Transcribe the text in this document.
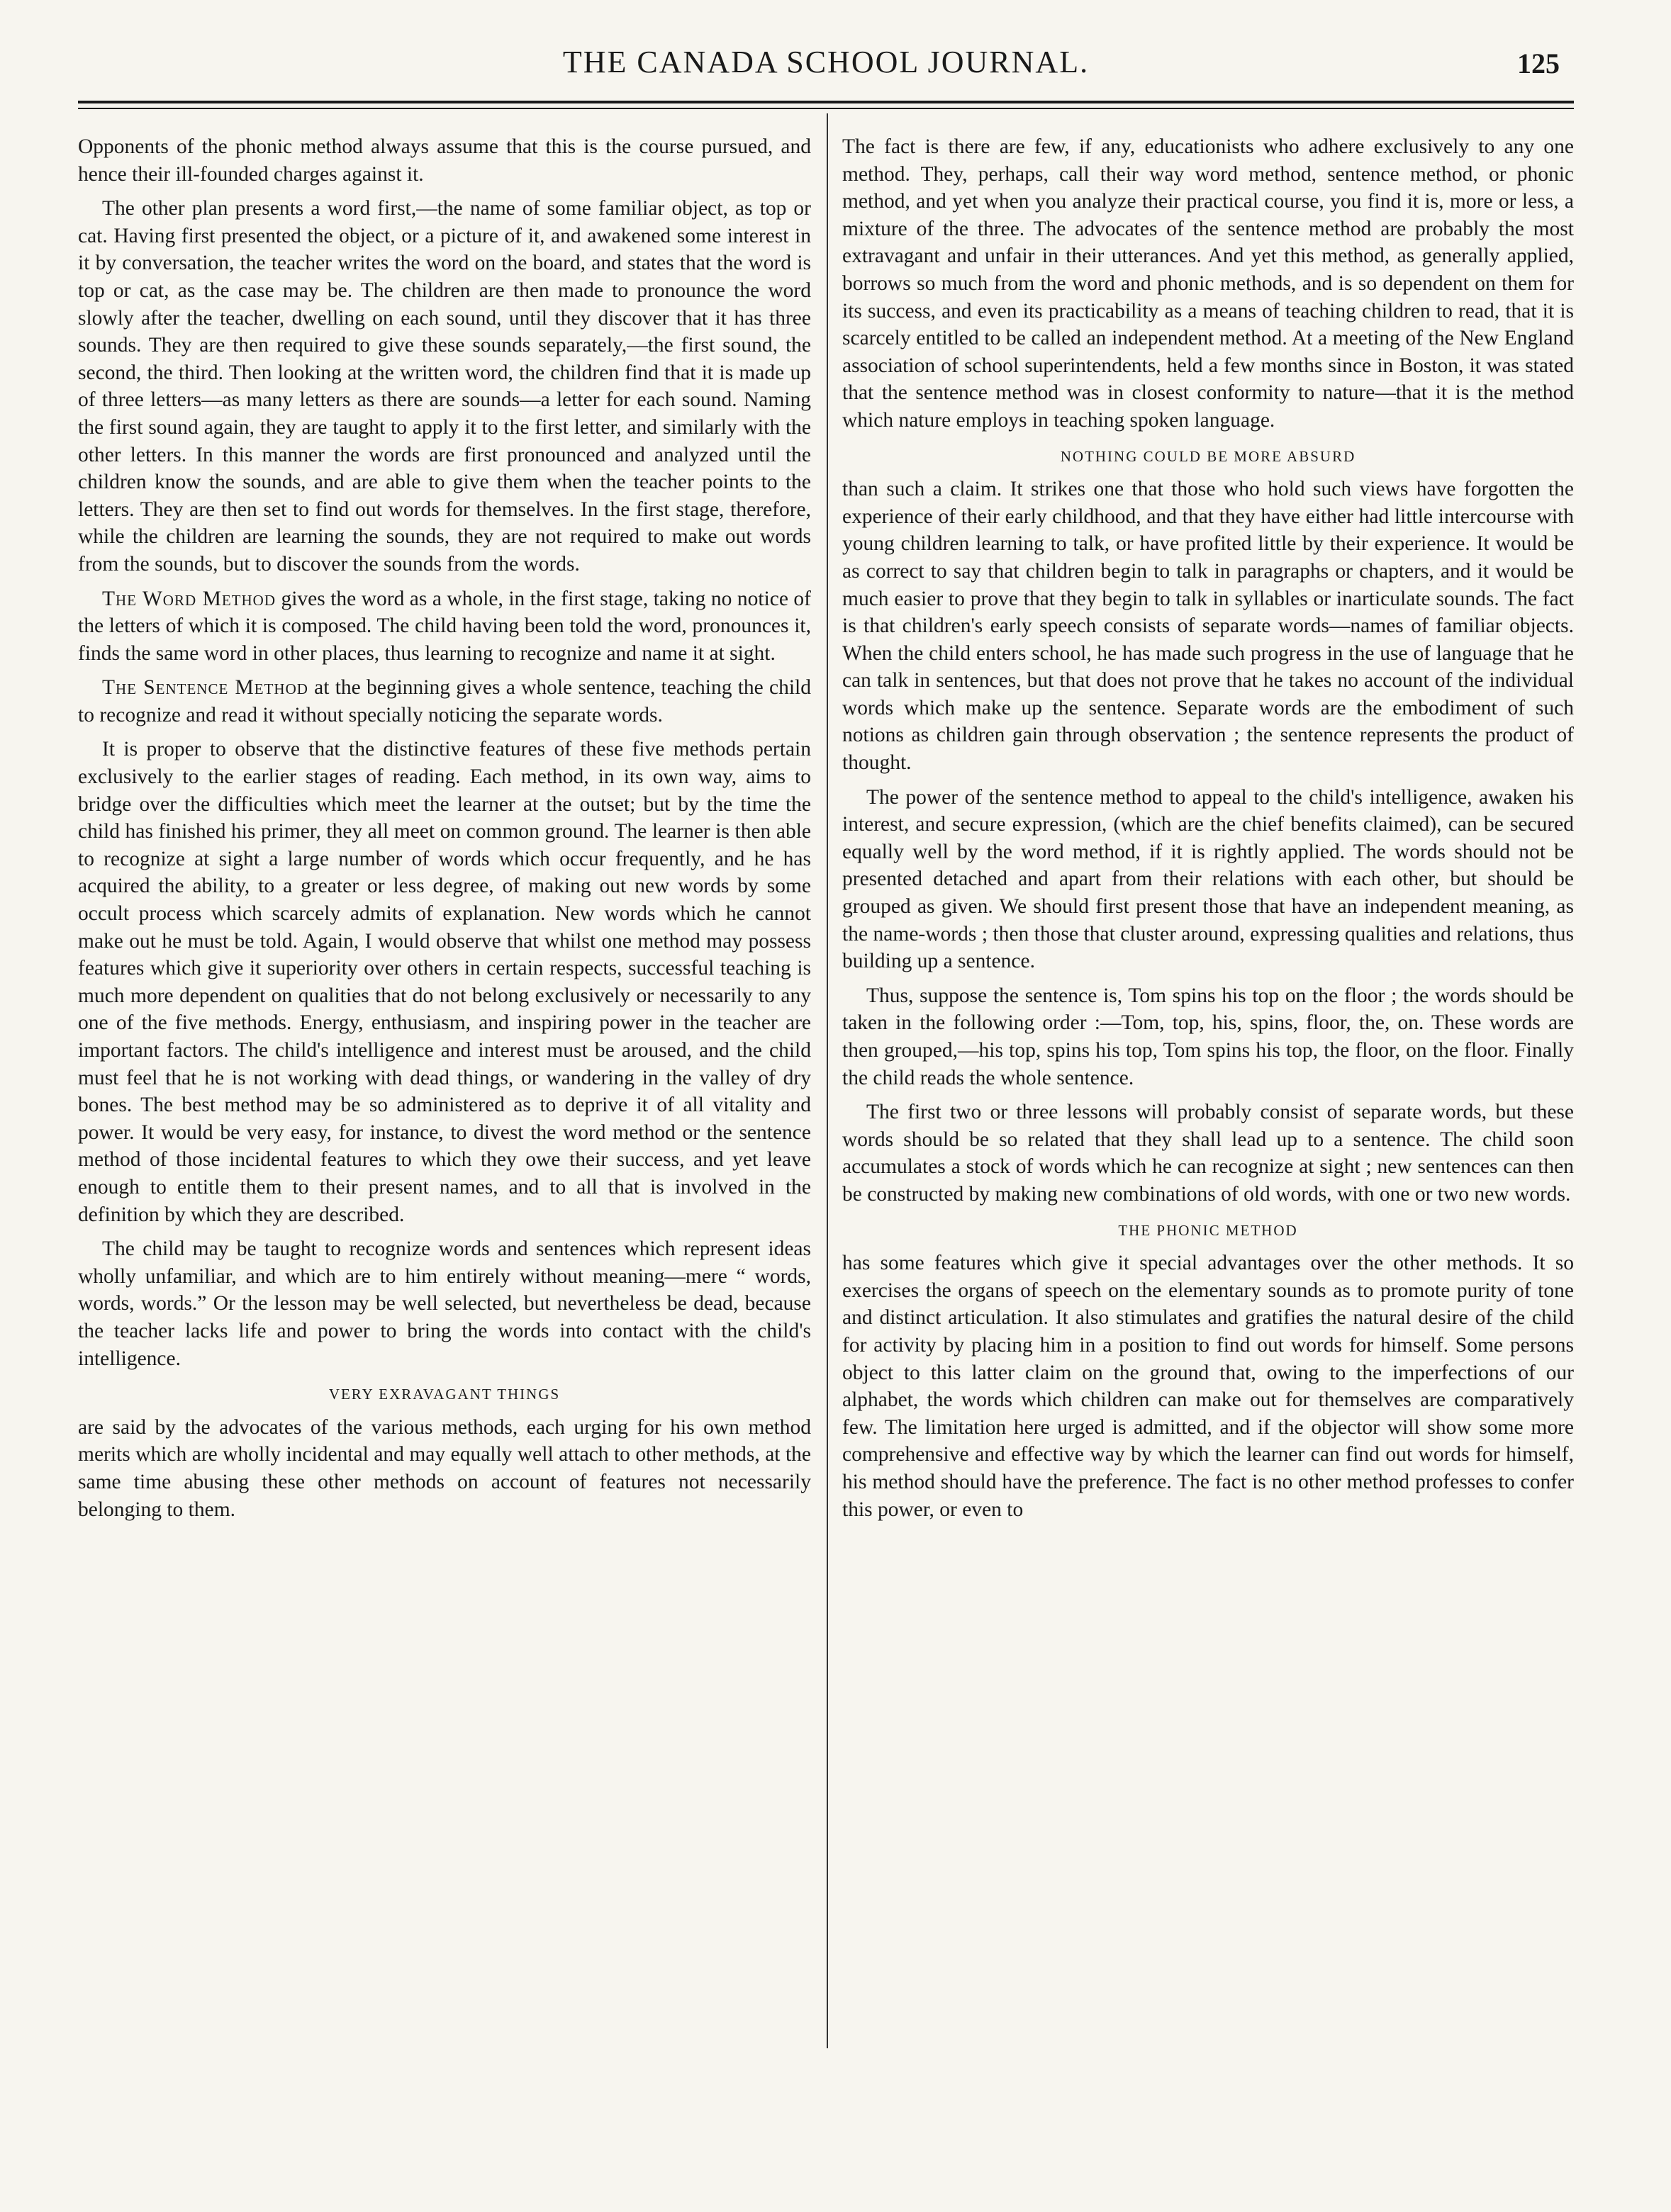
THE CANADA SCHOOL JOURNAL.	125

Opponents of the phonic method always assume that this is the course pursued, and hence their ill-founded charges against it.

The other plan presents a word first,—the name of some familiar object, as top or cat. Having first presented the object, or a picture of it, and awakened some interest in it by conversation, the teacher writes the word on the board, and states that the word is top or cat, as the case may be. The children are then made to pronounce the word slowly after the teacher, dwelling on each sound, until they discover that it has three sounds. They are then required to give these sounds separately,—the first sound, the second, the third. Then looking at the written word, the children find that it is made up of three letters—as many letters as there are sounds—a letter for each sound. Naming the first sound again, they are taught to apply it to the first letter, and similarly with the other letters. In this manner the words are first pronounced and analyzed until the children know the sounds, and are able to give them when the teacher points to the letters. They are then set to find out words for themselves. In the first stage, therefore, while the children are learning the sounds, they are not required to make out words from the sounds, but to discover the sounds from the words.

The Word Method gives the word as a whole, in the first stage, taking no notice of the letters of which it is composed. The child having been told the word, pronounces it, finds the same word in other places, thus learning to recognize and name it at sight.

The Sentence Method at the beginning gives a whole sentence, teaching the child to recognize and read it without specially noticing the separate words.

It is proper to observe that the distinctive features of these five methods pertain exclusively to the earlier stages of reading. Each method, in its own way, aims to bridge over the difficulties which meet the learner at the outset; but by the time the child has finished his primer, they all meet on common ground. The learner is then able to recognize at sight a large number of words which occur frequently, and he has acquired the ability, to a greater or less degree, of making out new words by some occult process which scarcely admits of explanation. New words which he cannot make out he must be told. Again, I would observe that whilst one method may possess features which give it superiority over others in certain respects, successful teaching is much more dependent on qualities that do not belong exclusively or necessarily to any one of the five methods. Energy, enthusiasm, and inspiring power in the teacher are important factors. The child's intelligence and interest must be aroused, and the child must feel that he is not working with dead things, or wandering in the valley of dry bones. The best method may be so administered as to deprive it of all vitality and power. It would be very easy, for instance, to divest the word method or the sentence method of those incidental features to which they owe their success, and yet leave enough to entitle them to their present names, and to all that is involved in the definition by which they are described.

The child may be taught to recognize words and sentences which represent ideas wholly unfamiliar, and which are to him entirely without meaning—mere “ words, words, words.” Or the lesson may be well selected, but nevertheless be dead, because the teacher lacks life and power to bring the words into contact with the child's intelligence.

VERY EXRAVAGANT THINGS

are said by the advocates of the various methods, each urging for his own method merits which are wholly incidental and may equally well attach to other methods, at the same time abusing these other methods on account of features not necessarily belonging to them.

The fact is there are few, if any, educationists who adhere exclusively to any one method. They, perhaps, call their way word method, sentence method, or phonic method, and yet when you analyze their practical course, you find it is, more or less, a mixture of the three. The advocates of the sentence method are probably the most extravagant and unfair in their utterances. And yet this method, as generally applied, borrows so much from the word and phonic methods, and is so dependent on them for its success, and even its practicability as a means of teaching children to read, that it is scarcely entitled to be called an independent method. At a meeting of the New England association of school superintendents, held a few months since in Boston, it was stated that the sentence method was in closest conformity to nature—that it is the method which nature employs in teaching spoken language.

NOTHING COULD BE MORE ABSURD

than such a claim. It strikes one that those who hold such views have forgotten the experience of their early childhood, and that they have either had little intercourse with young children learning to talk, or have profited little by their experience. It would be as correct to say that children begin to talk in paragraphs or chapters, and it would be much easier to prove that they begin to talk in syllables or inarticulate sounds. The fact is that children's early speech consists of separate words—names of familiar objects. When the child enters school, he has made such progress in the use of language that he can talk in sentences, but that does not prove that he takes no account of the individual words which make up the sentence. Separate words are the embodiment of such notions as children gain through observation ; the sentence represents the product of thought.

The power of the sentence method to appeal to the child's intelligence, awaken his interest, and secure expression, (which are the chief benefits claimed), can be secured equally well by the word method, if it is rightly applied. The words should not be presented detached and apart from their relations with each other, but should be grouped as given. We should first present those that have an independent meaning, as the name-words ; then those that cluster around, expressing qualities and relations, thus building up a sentence.

Thus, suppose the sentence is, Tom spins his top on the floor ; the words should be taken in the following order :—Tom, top, his, spins, floor, the, on. These words are then grouped,—his top, spins his top, Tom spins his top, the floor, on the floor. Finally the child reads the whole sentence.

The first two or three lessons will probably consist of separate words, but these words should be so related that they shall lead up to a sentence. The child soon accumulates a stock of words which he can recognize at sight ; new sentences can then be constructed by making new combinations of old words, with one or two new words.

THE PHONIC METHOD

has some features which give it special advantages over the other methods. It so exercises the organs of speech on the elementary sounds as to promote purity of tone and distinct articulation. It also stimulates and gratifies the natural desire of the child for activity by placing him in a position to find out words for himself. Some persons object to this latter claim on the ground that, owing to the imperfections of our alphabet, the words which children can make out for themselves are comparatively few. The limitation here urged is admitted, and if the objector will show some more comprehensive and effective way by which the learner can find out words for himself, his method should have the preference. The fact is no other method professes to confer this power, or even to
